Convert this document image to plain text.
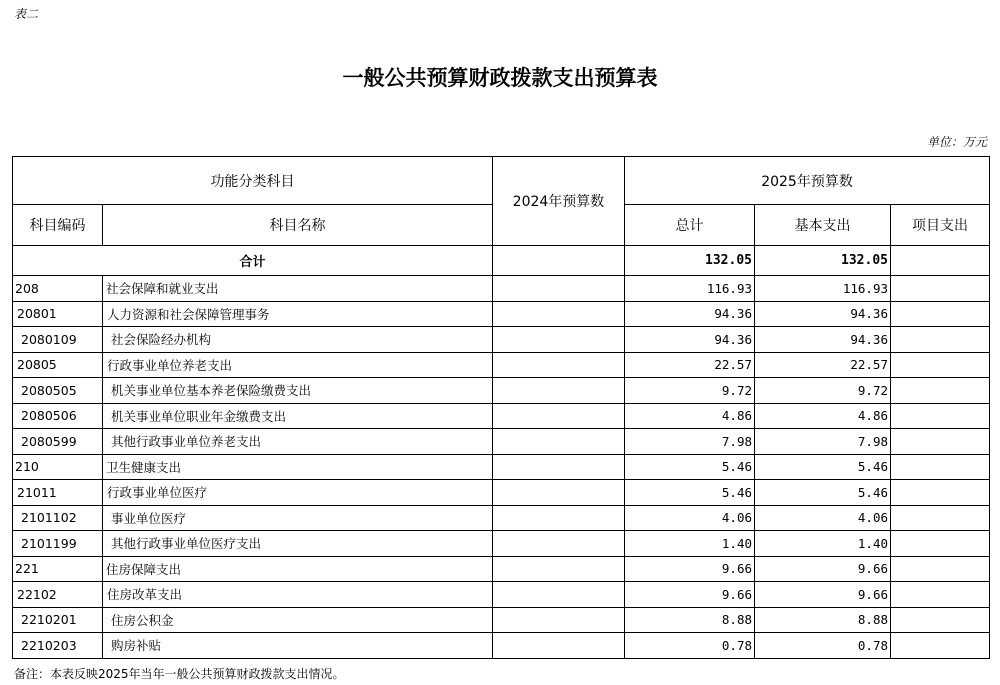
表二
一般公共预算财政拨款支出预算表
单位：万元
功能分类科目		2024年预算数	2025年预算数		
科目编码	科目名称		总计	基本支出	项目支出
合计			132.05	132.05	
208	社会保障和就业支出		116.93	116.93	
20801	人力资源和社会保障管理事务		94.36	94.36	
2080109	社会保险经办机构		94.36	94.36	
20805	行政事业单位养老支出		22.57	22.57	
2080505	机关事业单位基本养老保险缴费支出		9.72	9.72	
2080506	机关事业单位职业年金缴费支出		4.86	4.86	
2080599	其他行政事业单位养老支出		7.98	7.98	
210	卫生健康支出		5.46	5.46	
21011	行政事业单位医疗		5.46	5.46	
2101102	事业单位医疗		4.06	4.06	
2101199	其他行政事业单位医疗支出		1.40	1.40	
221	住房保障支出		9.66	9.66	
22102	住房改革支出		9.66	9.66	
2210201	住房公积金		8.88	8.88	
2210203	购房补贴		0.78	0.78	
备注：本表反映2025年当年一般公共预算财政拨款支出情况。
